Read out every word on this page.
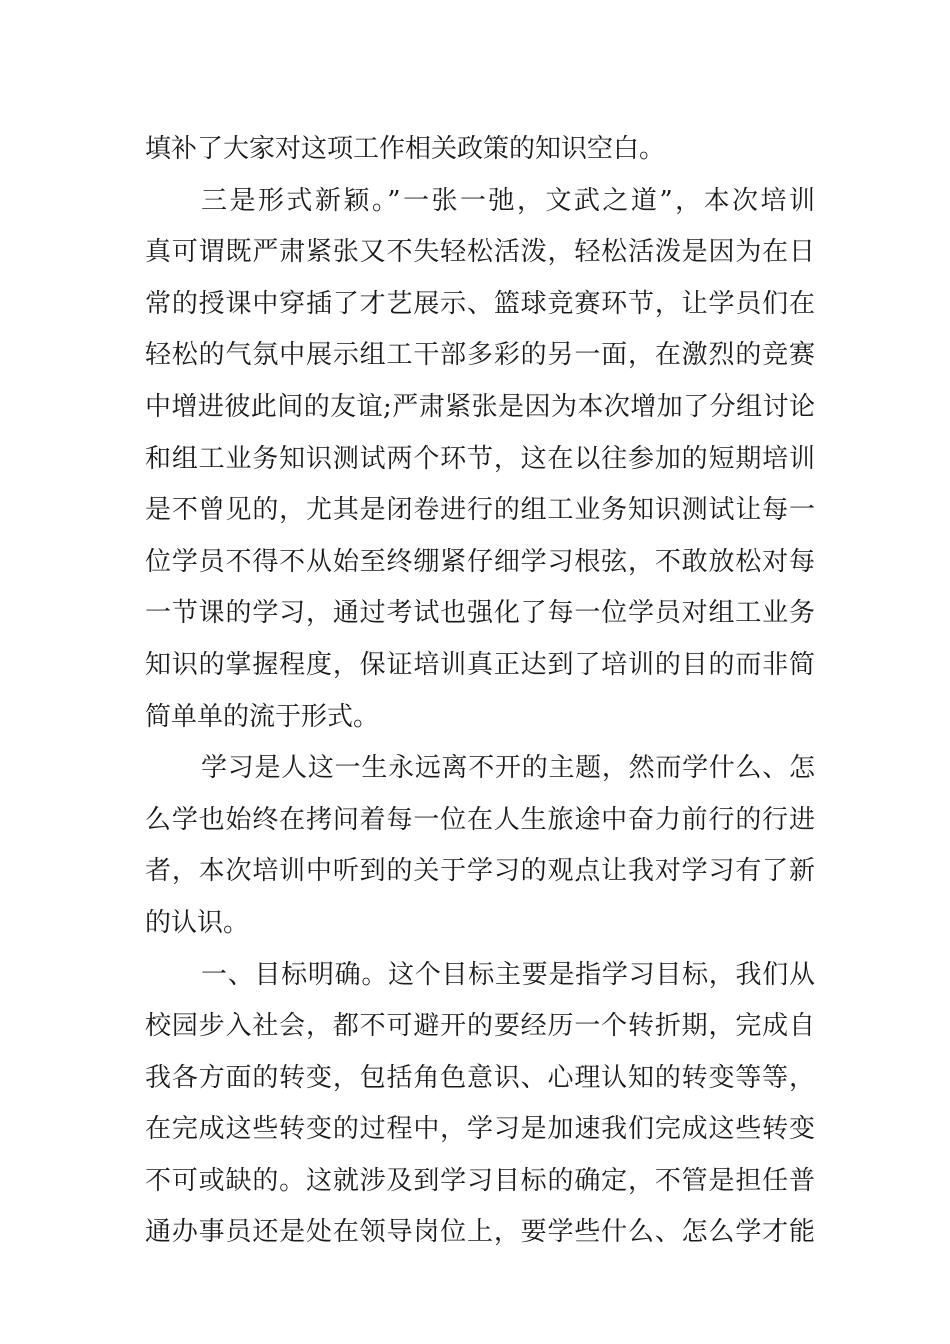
填补了大家对这项工作相关政策的知识空白。
三是形式新颖。”一张一弛，文武之道”，本次培训
真可谓既严肃紧张又不失轻松活泼，轻松活泼是因为在日
常的授课中穿插了才艺展示、篮球竞赛环节，让学员们在
轻松的气氛中展示组工干部多彩的另一面，在激烈的竞赛
中增进彼此间的友谊;严肃紧张是因为本次增加了分组讨论
和组工业务知识测试两个环节，这在以往参加的短期培训
是不曾见的，尤其是闭卷进行的组工业务知识测试让每一
位学员不得不从始至终绷紧仔细学习根弦，不敢放松对每
一节课的学习，通过考试也强化了每一位学员对组工业务
知识的掌握程度，保证培训真正达到了培训的目的而非简
简单单的流于形式。
学习是人这一生永远离不开的主题，然而学什么、怎
么学也始终在拷问着每一位在人生旅途中奋力前行的行进
者，本次培训中听到的关于学习的观点让我对学习有了新
的认识。
一、目标明确。这个目标主要是指学习目标，我们从
校园步入社会，都不可避开的要经历一个转折期，完成自
我各方面的转变，包括角色意识、心理认知的转变等等，
在完成这些转变的过程中，学习是加速我们完成这些转变
不可或缺的。这就涉及到学习目标的确定，不管是担任普
通办事员还是处在领导岗位上，要学些什么、怎么学才能
